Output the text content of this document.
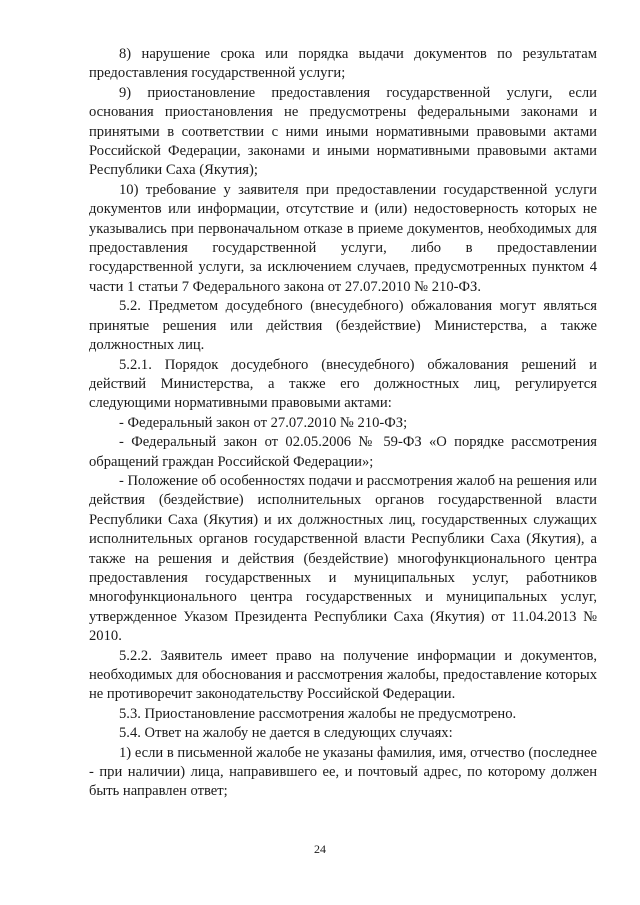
8) нарушение срока или порядка выдачи документов по результатам предоставления государственной услуги;

9) приостановление предоставления государственной услуги, если основания приостановления не предусмотрены федеральными законами и принятыми в соответствии с ними иными нормативными правовыми актами Российской Федерации, законами и иными нормативными правовыми актами Республики Саха (Якутия);

10) требование у заявителя при предоставлении государственной услуги документов или информации, отсутствие и (или) недостоверность которых не указывались при первоначальном отказе в приеме документов, необходимых для предоставления государственной услуги, либо в предоставлении государственной услуги, за исключением случаев, предусмотренных пунктом 4 части 1 статьи 7 Федерального закона от 27.07.2010 № 210-ФЗ.

5.2. Предметом досудебного (внесудебного) обжалования могут являться принятые решения или действия (бездействие) Министерства, а также должностных лиц.

5.2.1. Порядок досудебного (внесудебного) обжалования решений и действий Министерства, а также его должностных лиц, регулируется следующими нормативными правовыми актами:

- Федеральный закон от 27.07.2010 № 210-ФЗ;

- Федеральный закон от 02.05.2006 № 59-ФЗ «О порядке рассмотрения обращений граждан Российской Федерации»;

- Положение об особенностях подачи и рассмотрения жалоб на решения или действия (бездействие) исполнительных органов государственной власти Республики Саха (Якутия) и их должностных лиц, государственных служащих исполнительных органов государственной власти Республики Саха (Якутия), а также на решения и действия (бездействие) многофункционального центра предоставления государственных и муниципальных услуг, работников многофункционального центра государственных и муниципальных услуг, утвержденное Указом Президента Республики Саха (Якутия) от 11.04.2013 № 2010.

5.2.2. Заявитель имеет право на получение информации и документов, необходимых для обоснования и рассмотрения жалобы, предоставление которых не противоречит законодательству Российской Федерации.

5.3. Приостановление рассмотрения жалобы не предусмотрено.

5.4. Ответ на жалобу не дается в следующих случаях:

1) если в письменной жалобе не указаны фамилия, имя, отчество (последнее - при наличии) лица, направившего ее, и почтовый адрес, по которому должен быть направлен ответ;

24
